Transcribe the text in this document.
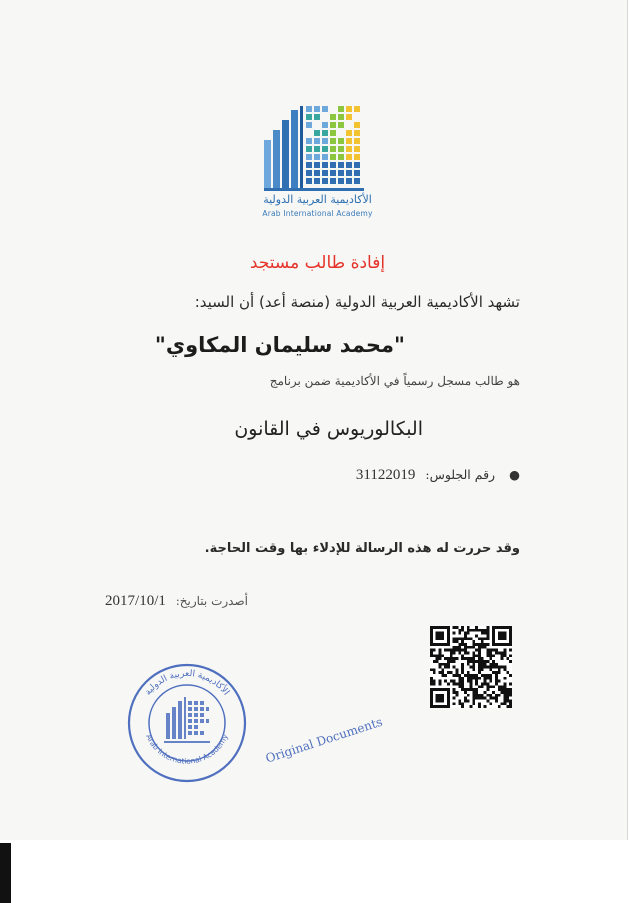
الأكاديمية العربية الدولية
Arab International Academy
إفادة طالب مستجد
تشهد الأكاديمية العربية الدولية (منصة أعد) أن السيد:
"محمد سليمان المكاوي"
هو طالب مسجل رسمياً في الأكاديمية ضمن برنامج
البكالوريوس في القانون
● رقم الجلوس: 31122019
وقد حررت له هذه الرسالة للإدلاء بها وقت الحاجة.
أصدرت بتاريخ: 2017/10/1
الأكاديمية العربية الدولية
Arab International Academy	Original Documents
